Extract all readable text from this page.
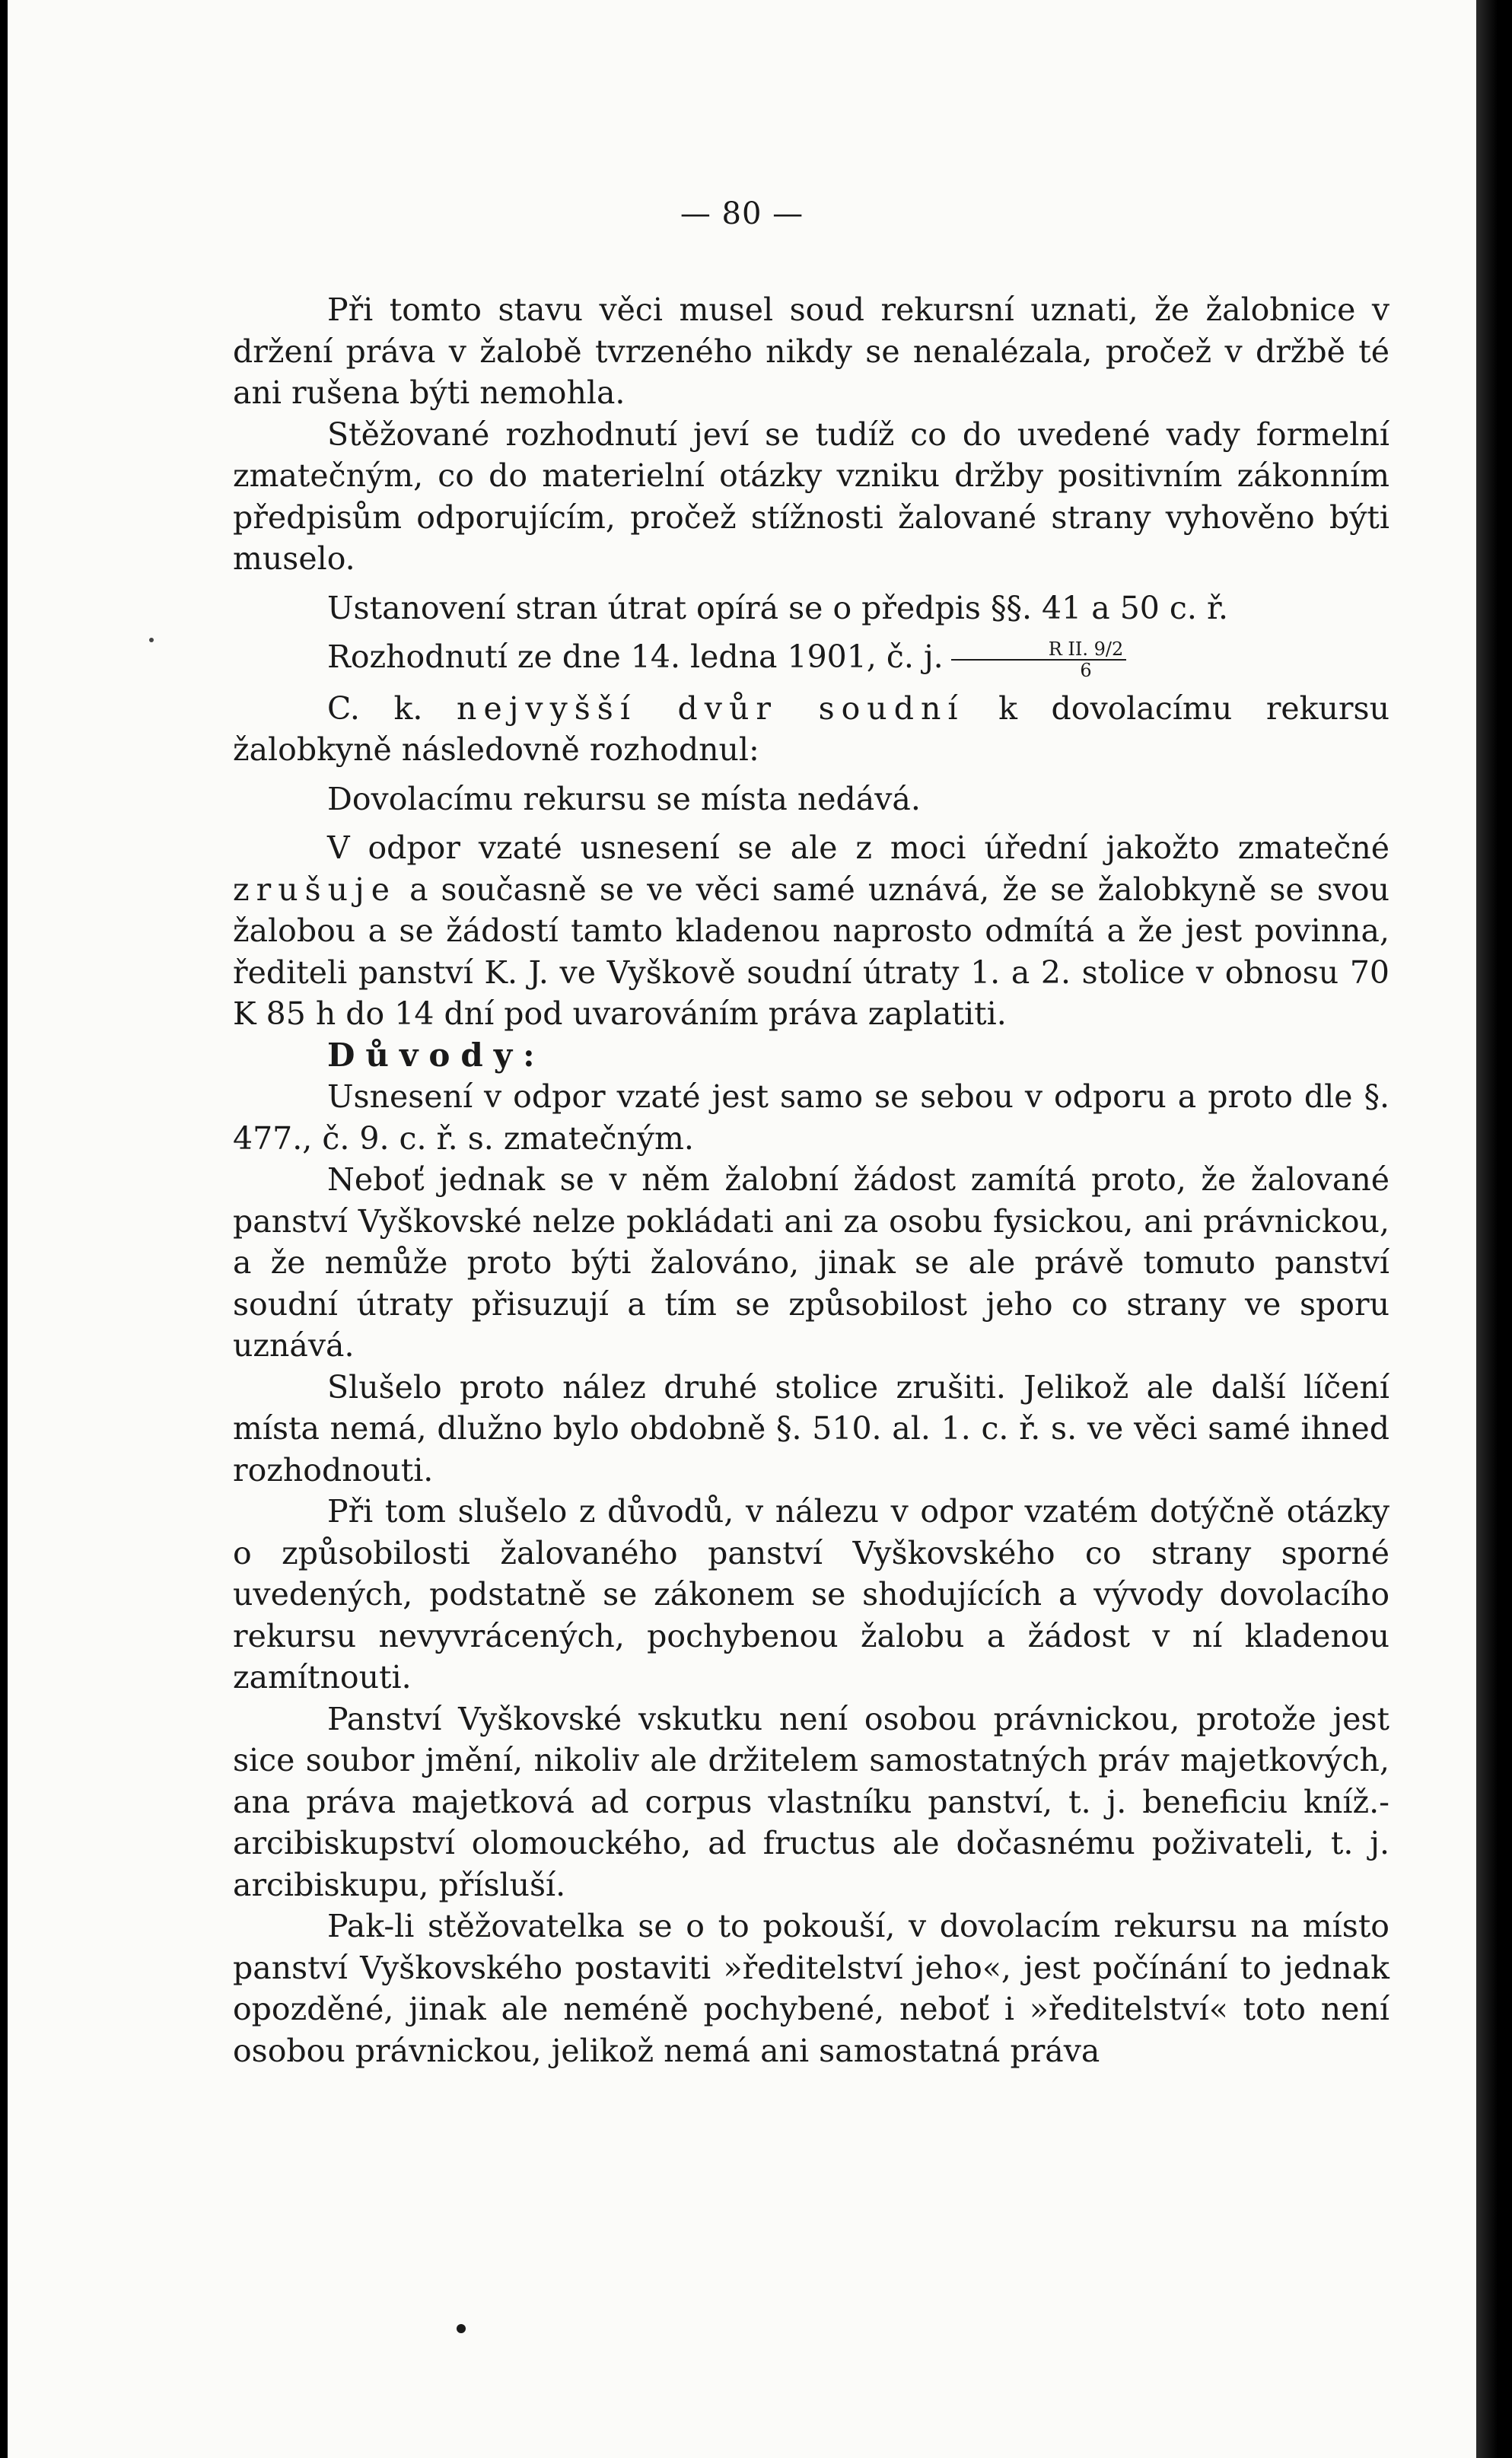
— 80 —

Při tomto stavu věci musel soud rekursní uznati, že žalobnice v držení práva v žalobě tvrzeného nikdy se nenalézala, pročež v držbě té ani rušena býti nemohla.

Stěžované rozhodnutí jeví se tudíž co do uvedené vady formelní zmatečným, co do materielní otázky vzniku držby positivním zákonním předpisům odporujícím, pročež stížnosti žalované strany vyhověno býti muselo.

Ustanovení stran útrat opírá se o předpis §§. 41 a 50 c. ř.

Rozhodnutí ze dne 14. ledna 1901, č. j. $\frac{\text{R II. 9/2}}{6}$

C. k. nejvyšší dvůr soudní k dovolacímu rekursu žalobkyně následovně rozhodnul:

Dovolacímu rekursu se místa nedává.

V odpor vzaté usnesení se ale z moci úřední jakožto zmatečné zrušuje a současně se ve věci samé uznává, že se žalobkyně se svou žalobou a se žádostí tamto kladenou naprosto odmítá a že jest povinna, řediteli panství K. J. ve Vyškově soudní útraty 1. a 2. stolice v obnosu 70 K 85 h do 14 dní pod uvarováním práva zaplatiti.

Důvody:

Usnesení v odpor vzaté jest samo se sebou v odporu a proto dle §. 477., č. 9. c. ř. s. zmatečným.

Neboť jednak se v něm žalobní žádost zamítá proto, že žalované panství Vyškovské nelze pokládati ani za osobu fysickou, ani právnickou, a že nemůže proto býti žalováno, jinak se ale právě tomuto panství soudní útraty přisuzují a tím se způsobilost jeho co strany ve sporu uznává.

Slušelo proto nález druhé stolice zrušiti. Jelikož ale další líčení místa nemá, dlužno bylo obdobně §. 510. al. 1. c. ř. s. ve věci samé ihned rozhodnouti.

Při tom slušelo z důvodů, v nálezu v odpor vzatém dotýčně otázky o způsobilosti žalovaného panství Vyškovského co strany sporné uvedených, podstatně se zákonem se shodujících a vývody dovolacího rekursu nevyvrácených, pochybenou žalobu a žádost v ní kladenou zamítnouti.

Panství Vyškovské vskutku není osobou právnickou, protože jest sice soubor jmění, nikoliv ale držitelem samostatných práv majetkových, ana práva majetková ad corpus vlastníku panství, t. j. beneficiu kníž.-arcibiskupství olomouckého, ad fructus ale dočasnému poživateli, t. j. arcibiskupu, přísluší.

Pak-li stěžovatelka se o to pokouší, v dovolacím rekursu na místo panství Vyškovského postaviti »ředitelství jeho«, jest počínání to jednak opozděné, jinak ale neméně pochybené, neboť i »ředitelství« toto není osobou právnickou, jelikož nemá ani samostatná práva
